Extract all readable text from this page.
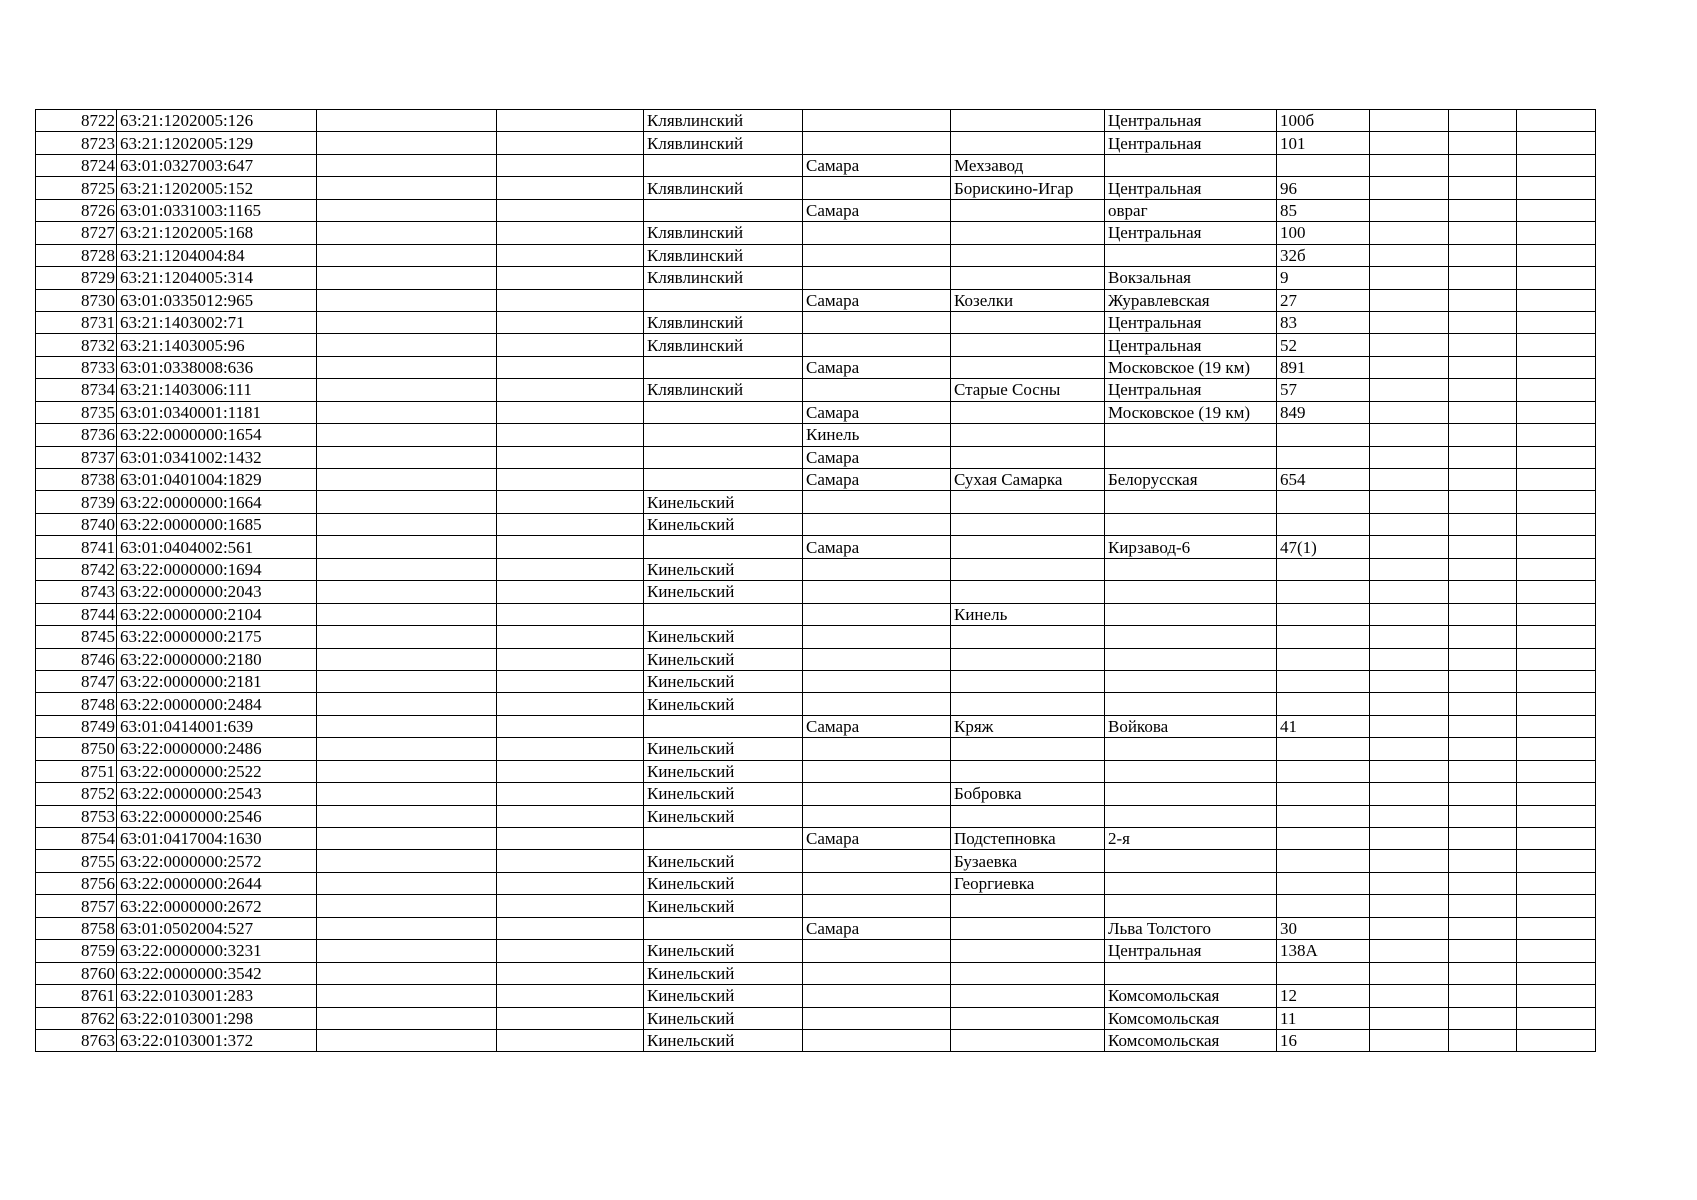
8722	63:21:1202005:126			Клявлинский			Центральная	100б			
8723	63:21:1202005:129			Клявлинский			Центральная	101			
8724	63:01:0327003:647				Самара	Мехзавод					
8725	63:21:1202005:152			Клявлинский		Борискино-Игар	Центральная	96			
8726	63:01:0331003:1165				Самара		овраг	85			
8727	63:21:1202005:168			Клявлинский			Центральная	100			
8728	63:21:1204004:84			Клявлинский				32б			
8729	63:21:1204005:314			Клявлинский			Вокзальная	9			
8730	63:01:0335012:965				Самара	Козелки	Журавлевская	27			
8731	63:21:1403002:71			Клявлинский			Центральная	83			
8732	63:21:1403005:96			Клявлинский			Центральная	52			
8733	63:01:0338008:636				Самара		Московское (19 км)	891			
8734	63:21:1403006:111			Клявлинский		Старые Сосны	Центральная	57			
8735	63:01:0340001:1181				Самара		Московское (19 км)	849			
8736	63:22:0000000:1654				Кинель						
8737	63:01:0341002:1432				Самара						
8738	63:01:0401004:1829				Самара	Сухая Самарка	Белорусская	654			
8739	63:22:0000000:1664			Кинельский							
8740	63:22:0000000:1685			Кинельский							
8741	63:01:0404002:561				Самара		Кирзавод-6	47(1)			
8742	63:22:0000000:1694			Кинельский							
8743	63:22:0000000:2043			Кинельский							
8744	63:22:0000000:2104					Кинель					
8745	63:22:0000000:2175			Кинельский							
8746	63:22:0000000:2180			Кинельский							
8747	63:22:0000000:2181			Кинельский							
8748	63:22:0000000:2484			Кинельский							
8749	63:01:0414001:639				Самара	Кряж	Войкова	41			
8750	63:22:0000000:2486			Кинельский							
8751	63:22:0000000:2522			Кинельский							
8752	63:22:0000000:2543			Кинельский		Бобровка					
8753	63:22:0000000:2546			Кинельский							
8754	63:01:0417004:1630				Самара	Подстепновка	2-я				
8755	63:22:0000000:2572			Кинельский		Бузаевка					
8756	63:22:0000000:2644			Кинельский		Георгиевка					
8757	63:22:0000000:2672			Кинельский							
8758	63:01:0502004:527				Самара		Льва Толстого	30			
8759	63:22:0000000:3231			Кинельский			Центральная	138А			
8760	63:22:0000000:3542			Кинельский							
8761	63:22:0103001:283			Кинельский			Комсомольская	12			
8762	63:22:0103001:298			Кинельский			Комсомольская	11			
8763	63:22:0103001:372			Кинельский			Комсомольская	16			
